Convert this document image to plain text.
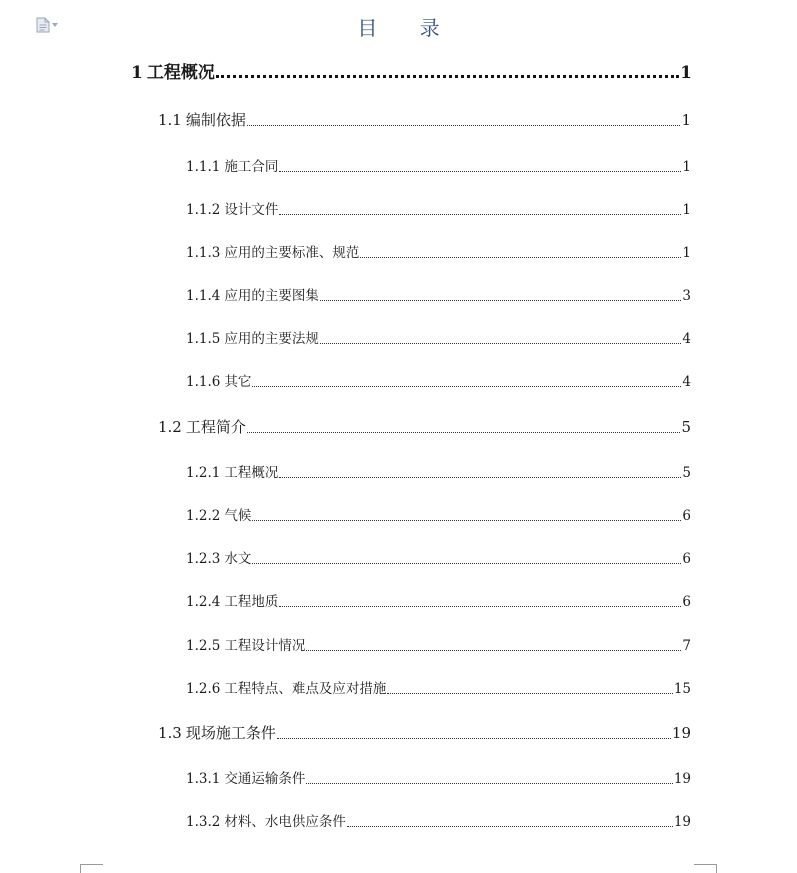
目 录
1 工程概况	1
1.1 编制依据	1
1.1.1 施工合同	1
1.1.2 设计文件	1
1.1.3 应用的主要标准、规范	1
1.1.4 应用的主要图集	3
1.1.5 应用的主要法规	4
1.1.6 其它	4
1.2 工程简介	5
1.2.1 工程概况	5
1.2.2 气候	6
1.2.3 水文	6
1.2.4 工程地质	6
1.2.5 工程设计情况	7
1.2.6 工程特点、难点及应对措施	15
1.3 现场施工条件	19
1.3.1 交通运输条件	19
1.3.2 材料、水电供应条件	19
